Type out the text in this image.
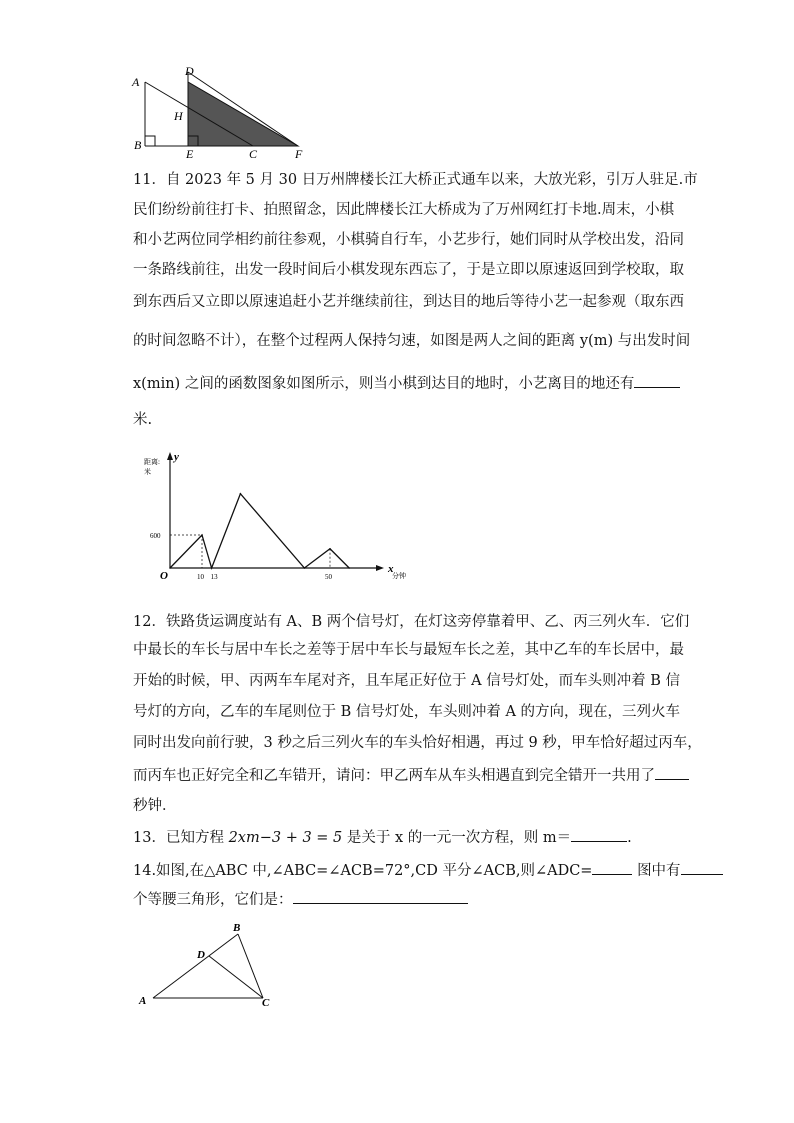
A
D
H
B
E	C	F
11．自 2023 年 5 月 30 日万州牌楼长江大桥正式通车以来，大放光彩，引万人驻足.市
民们纷纷前往打卡、拍照留念，因此牌楼长江大桥成为了万州网红打卡地.周末，小棋
和小艺两位同学相约前往参观，小棋骑自行车，小艺步行，她们同时从学校出发，沿同
一条路线前往，出发一段时间后小棋发现东西忘了，于是立即以原速返回到学校取，取
到东西后又立即以原速追赶小艺并继续前往，到达目的地后等待小艺一起参观（取东西
的时间忽略不计），在整个过程两人保持匀速，如图是两人之间的距离 y(m) 与出发时间
x(min) 之间的函数图象如图所示，则当小棋到达目的地时，小艺离目的地还有
米.
y
x
距离:
米
分钟
O	10 13	50
600
12．铁路货运调度站有 A、B 两个信号灯，在灯这旁停靠着甲、乙、丙三列火车．它们
中最长的车长与居中车长之差等于居中车长与最短车长之差，其中乙车的车长居中，最
开始的时候，甲、丙两车车尾对齐，且车尾正好位于 A 信号灯处，而车头则冲着 B 信
号灯的方向，乙车的车尾则位于 B 信号灯处，车头则冲着 A 的方向，现在，三列火车
同时出发向前行驶，3 秒之后三列火车的车头恰好相遇，再过 9 秒，甲车恰好超过丙车，
而丙车也正好完全和乙车错开，请问：甲乙两车从车头相遇直到完全错开一共用了
秒钟．
13．已知方程 2xm−3 + 3 = 5 是关于 x 的一元一次方程，则 m＝	.
14.如图,在△ABC 中,∠ABC=∠ACB=72°,CD 平分∠ACB,则∠ADC=	图中有
个等腰三角形，它们是：
A
B
C
D
